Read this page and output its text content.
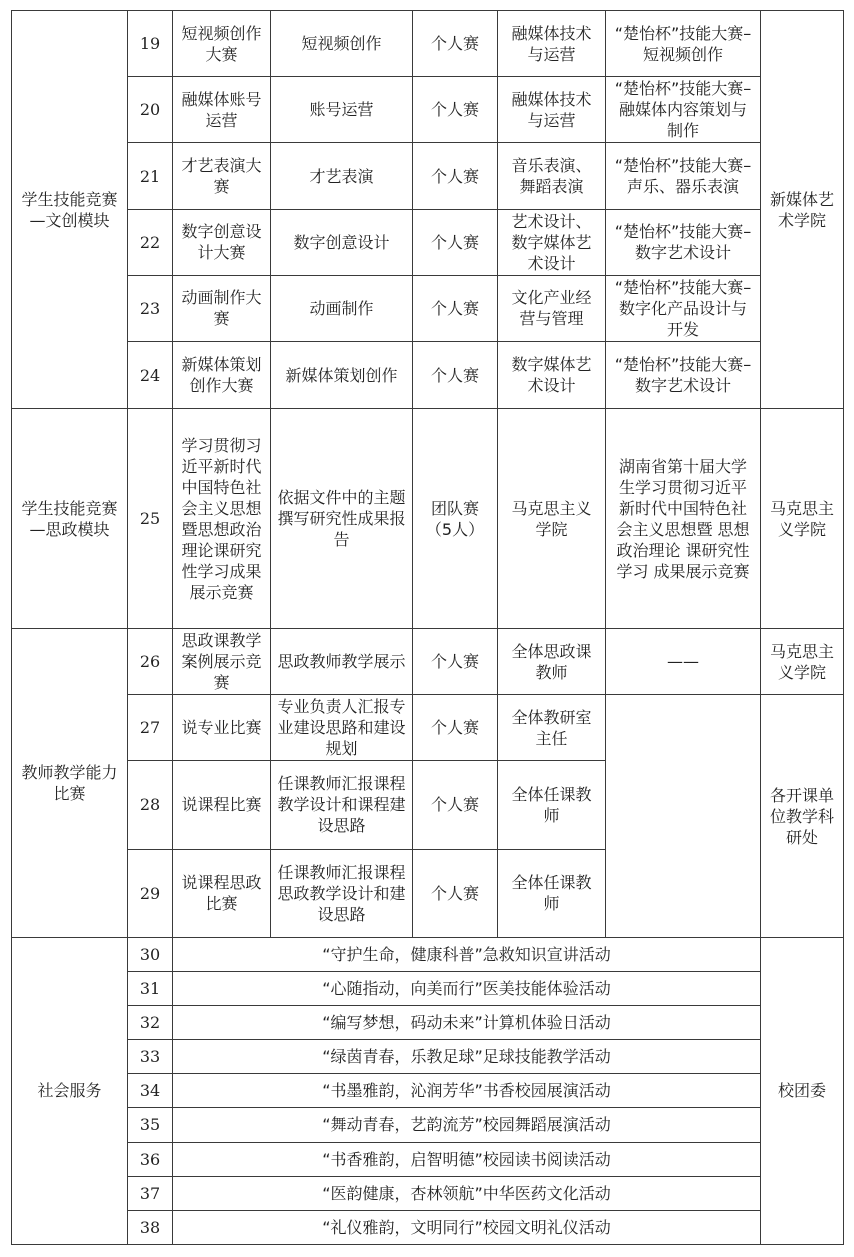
学生技能竞赛—文创模块	19	短视频创作大赛	短视频创作	个人赛	融媒体技术与运营	“楚怡杯”技能大赛–短视频创作	新媒体艺术学院
	20	融媒体账号运营	账号运营	个人赛	融媒体技术与运营	“楚怡杯”技能大赛–融媒体内容策划与制作	
	21	才艺表演大赛	才艺表演	个人赛	音乐表演、舞蹈表演	“楚怡杯”技能大赛–声乐、器乐表演	
	22	数字创意设计大赛	数字创意设计	个人赛	艺术设计、数字媒体艺术设计	“楚怡杯”技能大赛–数字艺术设计	
	23	动画制作大赛	动画制作	个人赛	文化产业经营与管理	“楚怡杯”技能大赛–数字化产品设计与开发	
	24	新媒体策划创作大赛	新媒体策划创作	个人赛	数字媒体艺术设计	“楚怡杯”技能大赛–数字艺术设计	
学生技能竞赛—思政模块	25	学习贯彻习近平新时代中国特色社会主义思想暨思想政治理论课研究性学习成果展示竞赛	依据文件中的主题撰写研究性成果报告	团队赛（5人）	马克思主义学院	湖南省第十届大学生学习贯彻习近平新时代中国特色社会主义思想暨 思想政治理论 课研究性学习 成果展示竞赛	马克思主义学院
教师教学能力比赛	26	思政课教学案例展示竞赛	思政教师教学展示	个人赛	全体思政课教师	——	马克思主义学院
	27	说专业比赛	专业负责人汇报专业建设思路和建设规划	个人赛	全体教研室主任		各开课单位教学科研处
	28	说课程比赛	任课教师汇报课程教学设计和课程建设思路	个人赛	全体任课教师		
	29	说课程思政比赛	任课教师汇报课程思政教学设计和建设思路	个人赛	全体任课教师		
社会服务	30	“守护生命，健康科普”急救知识宣讲活动					校团委
	31	“心随指动，向美而行”医美技能体验活动					
	32	“编写梦想，码动未来”计算机体验日活动					
	33	“绿茵青春，乐教足球”足球技能教学活动					
	34	“书墨雅韵，沁润芳华”书香校园展演活动					
	35	“舞动青春，艺韵流芳”校园舞蹈展演活动					
	36	“书香雅韵，启智明德”校园读书阅读活动					
	37	“医韵健康，杏林领航”中华医药文化活动					
	38	“礼仪雅韵，文明同行”校园文明礼仪活动					
